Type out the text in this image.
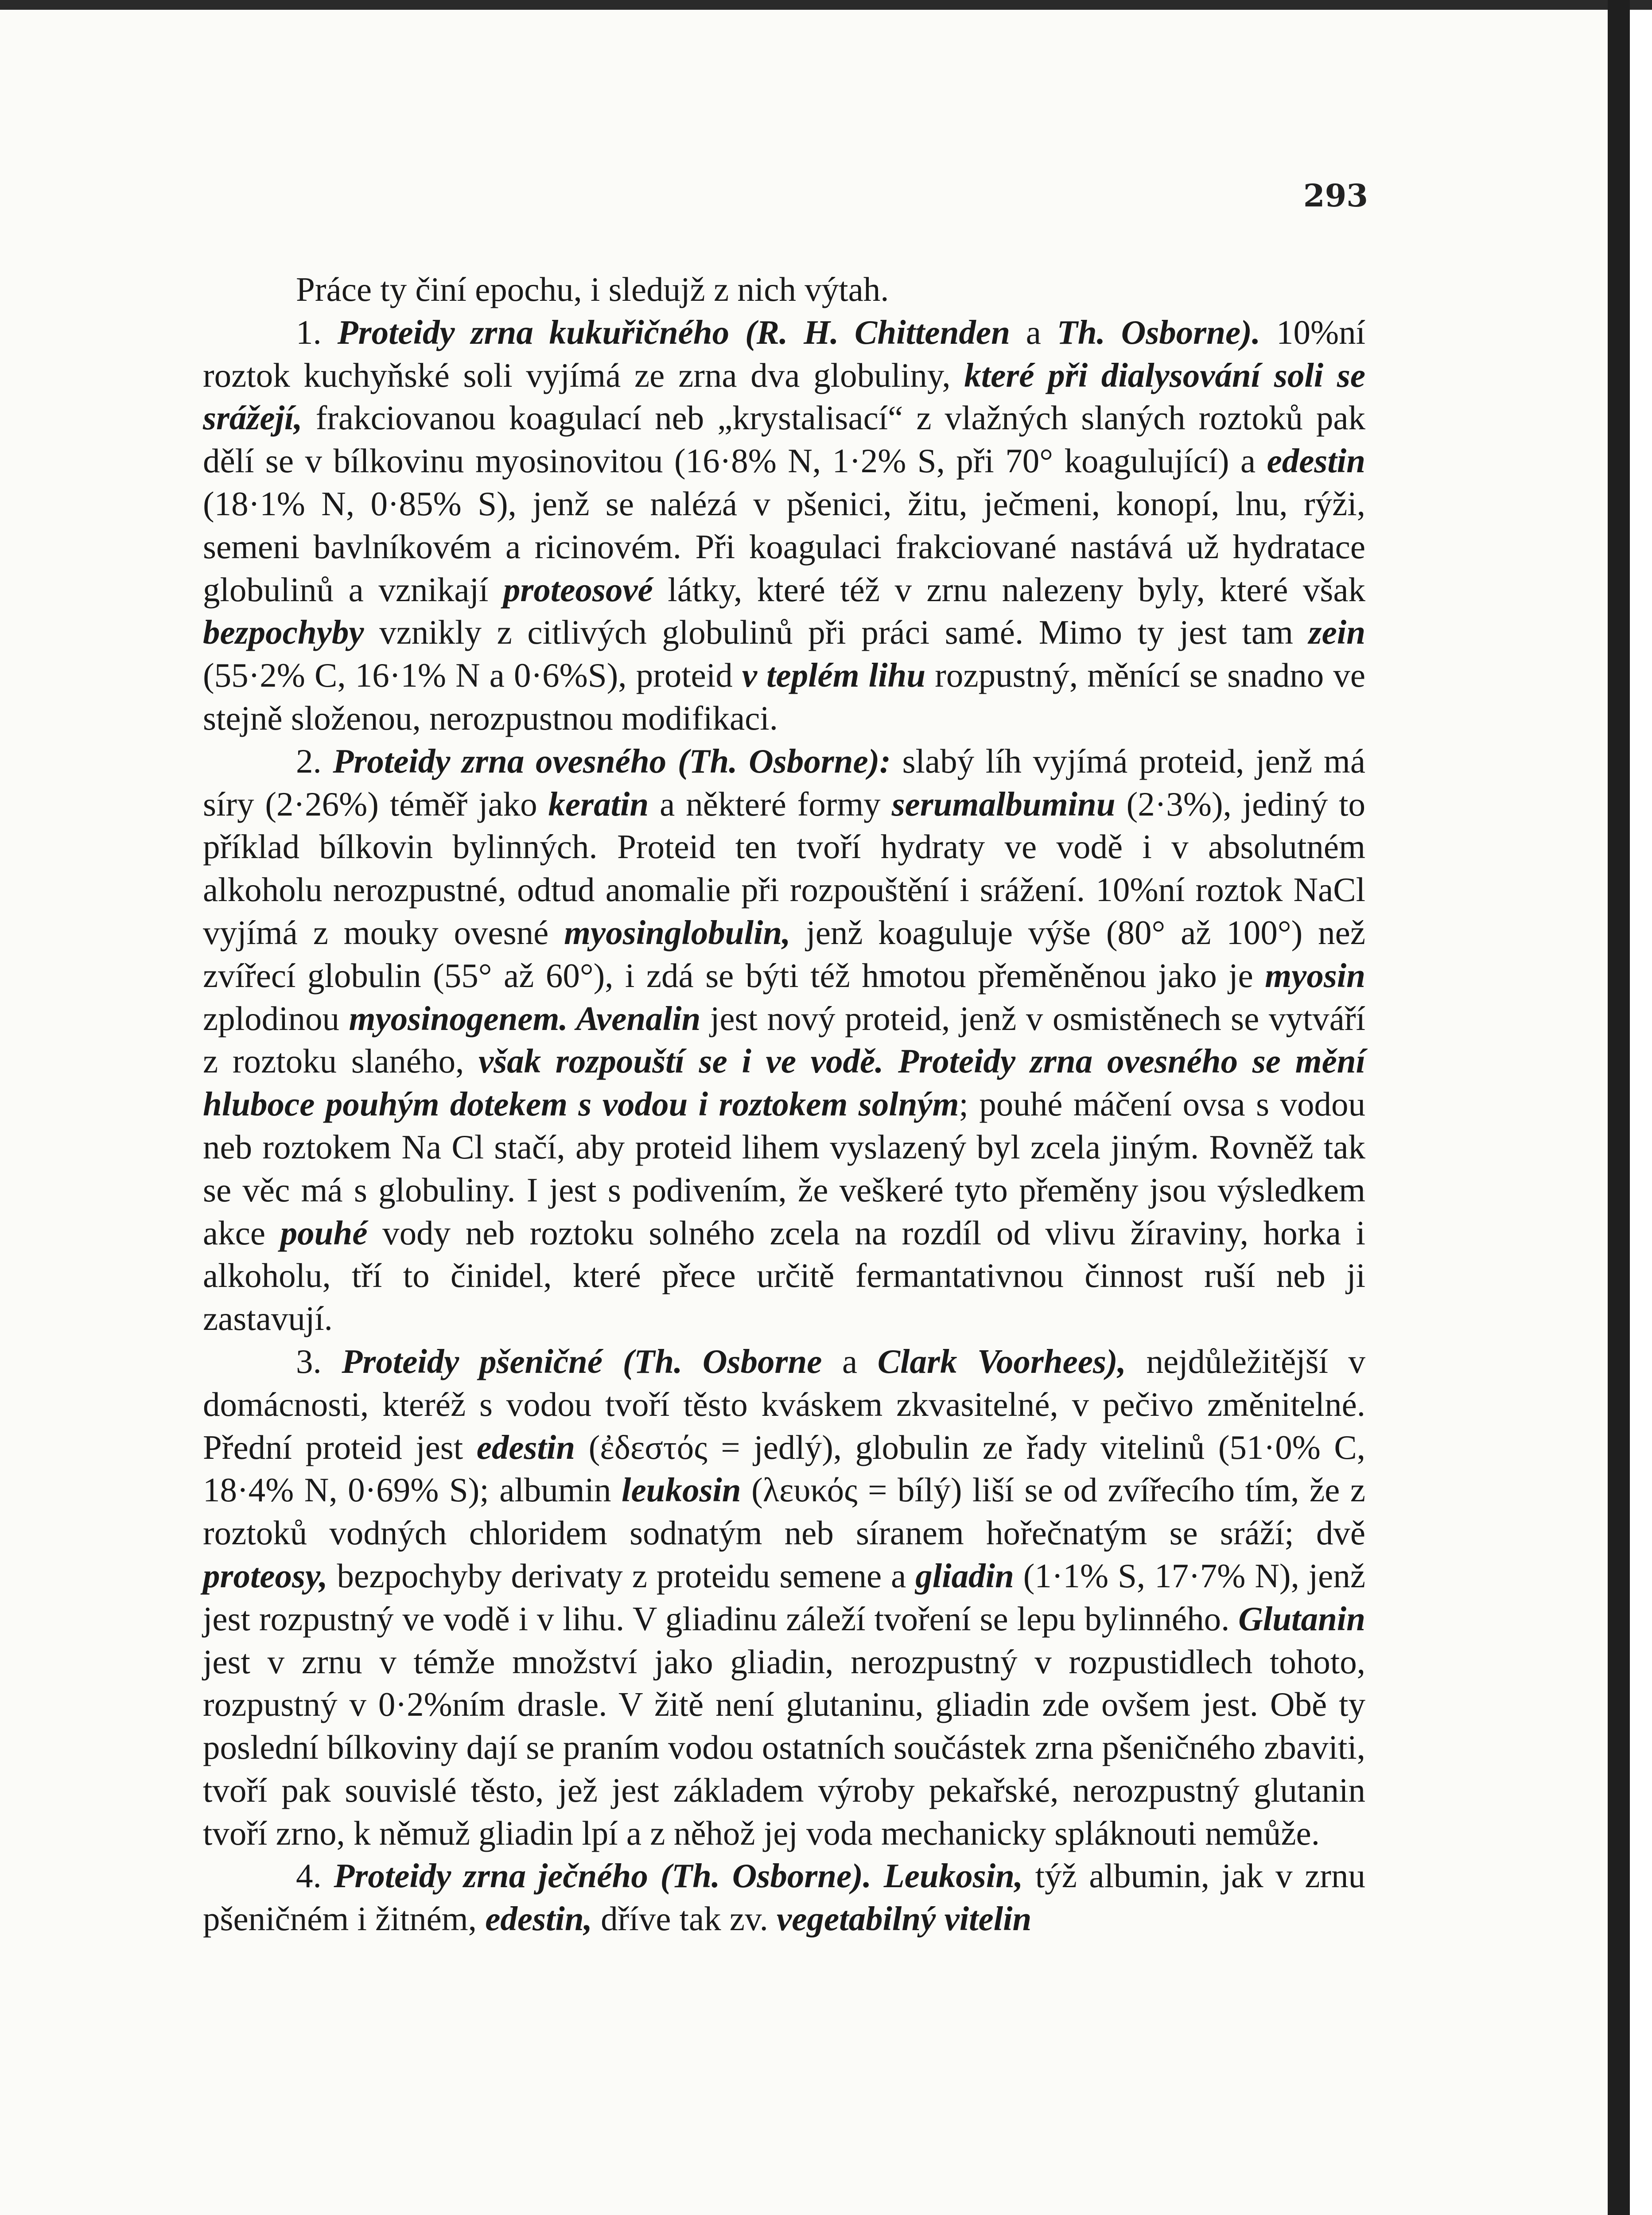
293

Práce ty činí epochu, i sledujž z nich výtah.

1. Proteidy zrna kukuřičného (R. H. Chittenden a Th. Osborne). 10%ní roztok kuchyňské soli vyjímá ze zrna dva globuliny, které při dialysování soli se srážejí, frakciovanou koagulací neb „krystalisací“ z vlažných slaných roztoků pak dělí se v bílkovinu myosinovitou (16·8% N, 1·2% S, při 70° koagulující) a edestin (18·1% N, 0·85% S), jenž se nalézá v pšenici, žitu, ječmeni, konopí, lnu, rýži, semeni bavlníkovém a ricinovém. Při koagulaci frakciované nastává už hydratace globulinů a vznikají proteosové látky, které též v zrnu nalezeny byly, které však bezpochyby vznikly z citlivých globulinů při práci samé. Mimo ty jest tam zein (55·2% C, 16·1% N a 0·6%S), proteid v teplém lihu rozpustný, měnící se snadno ve stejně složenou, nerozpustnou modifikaci.

2. Proteidy zrna ovesného (Th. Osborne): slabý líh vyjímá proteid, jenž má síry (2·26%) téměř jako keratin a některé formy serumalbuminu (2·3%), jediný to příklad bílkovin bylinných. Proteid ten tvoří hydraty ve vodě i v absolutném alkoholu nerozpustné, odtud anomalie při rozpouštění i srážení. 10%ní roztok NaCl vyjímá z mouky ovesné myosinglobulin, jenž koaguluje výše (80° až 100°) než zvířecí globulin (55° až 60°), i zdá se býti též hmotou přeměněnou jako je myosin zplodinou myosinogenem. Avenalin jest nový proteid, jenž v osmistěnech se vytváří z roztoku slaného, však rozpouští se i ve vodě. Proteidy zrna ovesného se mění hluboce pouhým dotekem s vodou i roztokem solným; pouhé máčení ovsa s vodou neb roztokem Na Cl stačí, aby proteid lihem vyslazený byl zcela jiným. Rovněž tak se věc má s globuliny. I jest s podivením, že veškeré tyto přeměny jsou výsledkem akce pouhé vody neb roztoku solného zcela na rozdíl od vlivu žíraviny, horka i alkoholu, tří to činidel, které přece určitě fermantativnou činnost ruší neb ji zastavují.

3. Proteidy pšeničné (Th. Osborne a Clark Voorhees), nejdůležitější v domácnosti, kteréž s vodou tvoří těsto kváskem zkvasitelné, v pečivo změnitelné. Přední proteid jest edestin (ἐδεστός = jedlý), globulin ze řady vitelinů (51·0% C, 18·4% N, 0·69% S); albumin leukosin (λευκός = bílý) liší se od zvířecího tím, že z roztoků vodných chloridem sodnatým neb síranem hořečnatým se sráží; dvě proteosy, bezpochyby derivaty z proteidu semene a gliadin (1·1% S, 17·7% N), jenž jest rozpustný ve vodě i v lihu. V gliadinu záleží tvoření se lepu bylinného. Glutanin jest v zrnu v témže množství jako gliadin, nerozpustný v rozpustidlech tohoto, rozpustný v 0·2%ním drasle. V žitě není glutaninu, gliadin zde ovšem jest. Obě ty poslední bílkoviny dají se praním vodou ostatních součástek zrna pšeničného zbaviti, tvoří pak souvislé těsto, jež jest základem výroby pekařské, nerozpustný glutanin tvoří zrno, k němuž gliadin lpí a z něhož jej voda mechanicky spláknouti nemůže.

4. Proteidy zrna ječného (Th. Osborne). Leukosin, týž albumin, jak v zrnu pšeničném i žitném, edestin, dříve tak zv. vegetabilný vitelin
